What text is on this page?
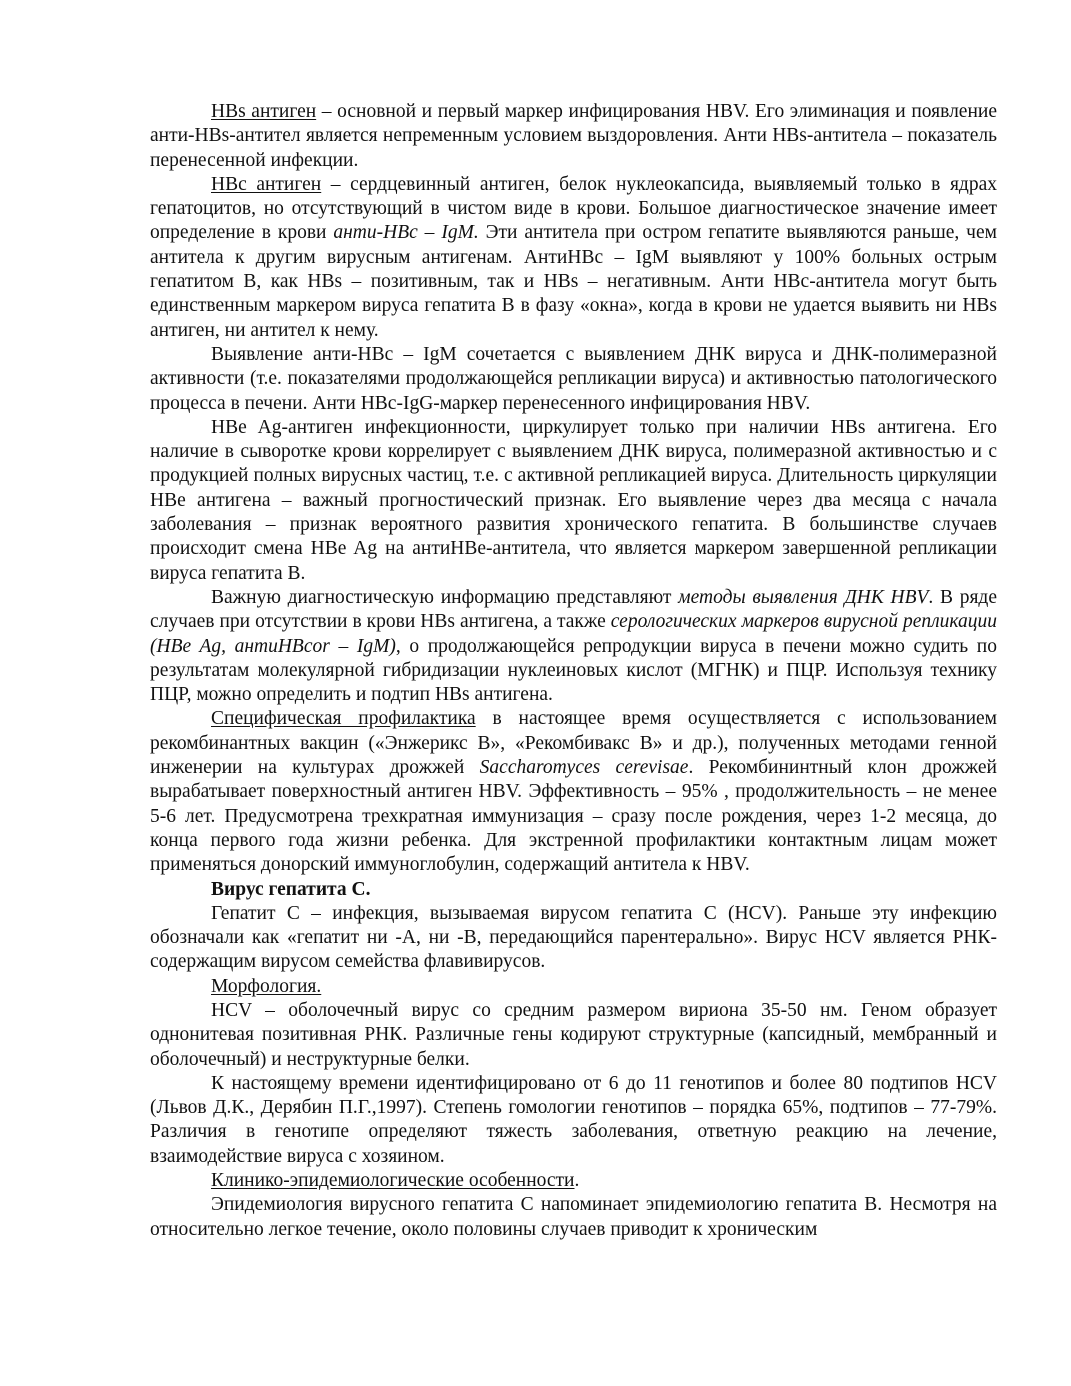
HBs антиген – основной и первый маркер инфицирования HBV. Его элиминация и появление анти-HBs-антител является непременным условием выздоровления. Анти HBs-антитела – показатель перенесенной инфекции.

HBc антиген – сердцевинный антиген, белок нуклеокапсида, выявляемый только в ядрах гепатоцитов, но отсутствующий в чистом виде в крови. Большое диагностическое значение имеет определение в крови анти-HBc – IgM. Эти антитела при остром гепатите выявляются раньше, чем антитела к другим вирусным антигенам. АнтиHBc – IgM выявляют у 100% больных острым гепатитом В, как HBs – позитивным, так и HBs – негативным. Анти HBc-антитела могут быть единственным маркером вируса гепатита В в фазу «окна», когда в крови не удается выявить ни HBs антиген, ни антител к нему.

Выявление анти-HBc – IgM сочетается с выявлением ДНК вируса и ДНК-полимеразной активности (т.е. показателями продолжающейся репликации вируса) и активностью патологического процесса в печени. Анти HBc-IgG-маркер перенесенного инфицирования HBV.

HBe Ag-антиген инфекционности, циркулирует только при наличии HBs антигена. Его наличие в сыворотке крови коррелирует с выявлением ДНК вируса, полимеразной активностью и с продукцией полных вирусных частиц, т.е. с активной репликацией вируса. Длительность циркуляции HBe антигена – важный прогностический признак. Его выявление через два месяца с начала заболевания – признак вероятного развития хронического гепатита. В большинстве случаев происходит смена HBe Ag на антиHBe-антитела, что является маркером завершенной репликации вируса гепатита В.

Важную диагностическую информацию представляют методы выявления ДНК HBV. В ряде случаев при отсутствии в крови HBs антигена, а также серологических маркеров вирусной репликации (HBe Ag, антиHBcor – IgM), о продолжающейся репродукции вируса в печени можно судить по результатам молекулярной гибридизации нуклеиновых кислот (МГНК) и ПЦР. Используя технику ПЦР, можно определить и подтип HBs антигена.

Специфическая профилактика в настоящее время осуществляется с использованием рекомбинантных вакцин («Энжерикс В», «Рекомбивакс В» и др.), полученных методами генной инженерии на культурах дрожжей Saccharomyces cerevisae. Рекомбининтный клон дрожжей вырабатывает поверхностный антиген HBV. Эффективность – 95% , продолжительность – не менее 5-6 лет. Предусмотрена трехкратная иммунизация – сразу после рождения, через 1-2 месяца, до конца первого года жизни ребенка. Для экстренной профилактики контактным лицам может применяться донорский иммуноглобулин, содержащий антитела к HBV.

Вирус гепатита С.

Гепатит С – инфекция, вызываемая вирусом гепатита С (HCV). Раньше эту инфекцию обозначали как «гепатит ни -А, ни -В, передающийся парентерально». Вирус HCV является РНК-содержащим вирусом семейства флавивирусов.

Морфология.

HCV – оболочечный вирус со средним размером вириона 35-50 нм. Геном образует однонитевая позитивная РНК. Различные гены кодируют структурные (капсидный, мембранный и оболочечный) и неструктурные белки.

К настоящему времени идентифицировано от 6 до 11 генотипов и более 80 подтипов HCV (Львов Д.К., Дерябин П.Г.,1997). Степень гомологии генотипов – порядка 65%, подтипов – 77-79%. Различия в генотипе определяют тяжесть заболевания, ответную реакцию на лечение, взаимодействие вируса с хозяином.

Клинико-эпидемиологические особенности.

Эпидемиология вирусного гепатита С напоминает эпидемиологию гепатита В. Несмотря на относительно легкое течение, около половины случаев приводит к хроническим
